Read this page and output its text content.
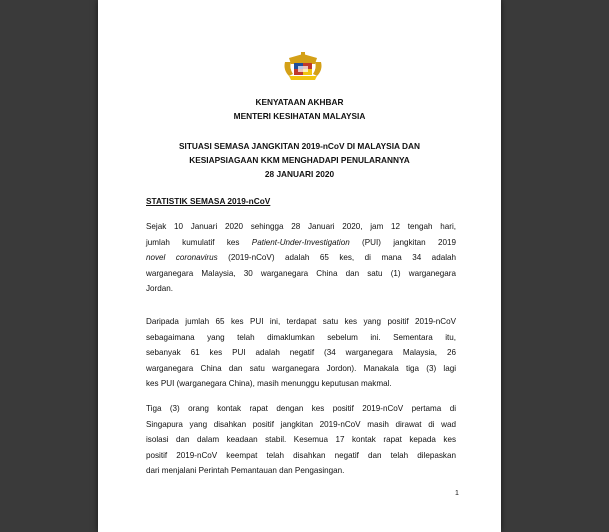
KENYATAAN AKHBAR
MENTERI KESIHATAN MALAYSIA
SITUASI SEMASA JANGKITAN 2019-nCoV DI MALAYSIA DAN
KESIAPSIAGAAN KKM MENGHADAPI PENULARANNYA
28 JANUARI 2020
STATISTIK SEMASA 2019-nCoV
Sejak 10 Januari 2020 sehingga 28 Januari 2020, jam 12 tengah hari,
jumlah kumulatif kes Patient-Under-Investigation (PUI) jangkitan 2019
novel coronavirus (2019-nCoV) adalah 65 kes, di mana 34 adalah
warganegara Malaysia, 30 warganegara China dan satu (1) warganegara
Jordan.
Daripada jumlah 65 kes PUI ini, terdapat satu kes yang positif 2019-nCoV
sebagaimana yang telah dimaklumkan sebelum ini. Sementara itu,
sebanyak 61 kes PUI adalah negatif (34 warganegara Malaysia, 26
warganegara China dan satu warganegara Jordon). Manakala tiga (3) lagi
kes PUI (warganegara China), masih menunggu keputusan makmal.
Tiga (3) orang kontak rapat dengan kes positif 2019-nCoV pertama di
Singapura yang disahkan positif jangkitan 2019-nCoV masih dirawat di wad
isolasi dan dalam keadaan stabil. Kesemua 17 kontak rapat kepada kes
positif 2019-nCoV keempat telah disahkan negatif dan telah dilepaskan
dari menjalani Perintah Pemantauan dan Pengasingan.
1
